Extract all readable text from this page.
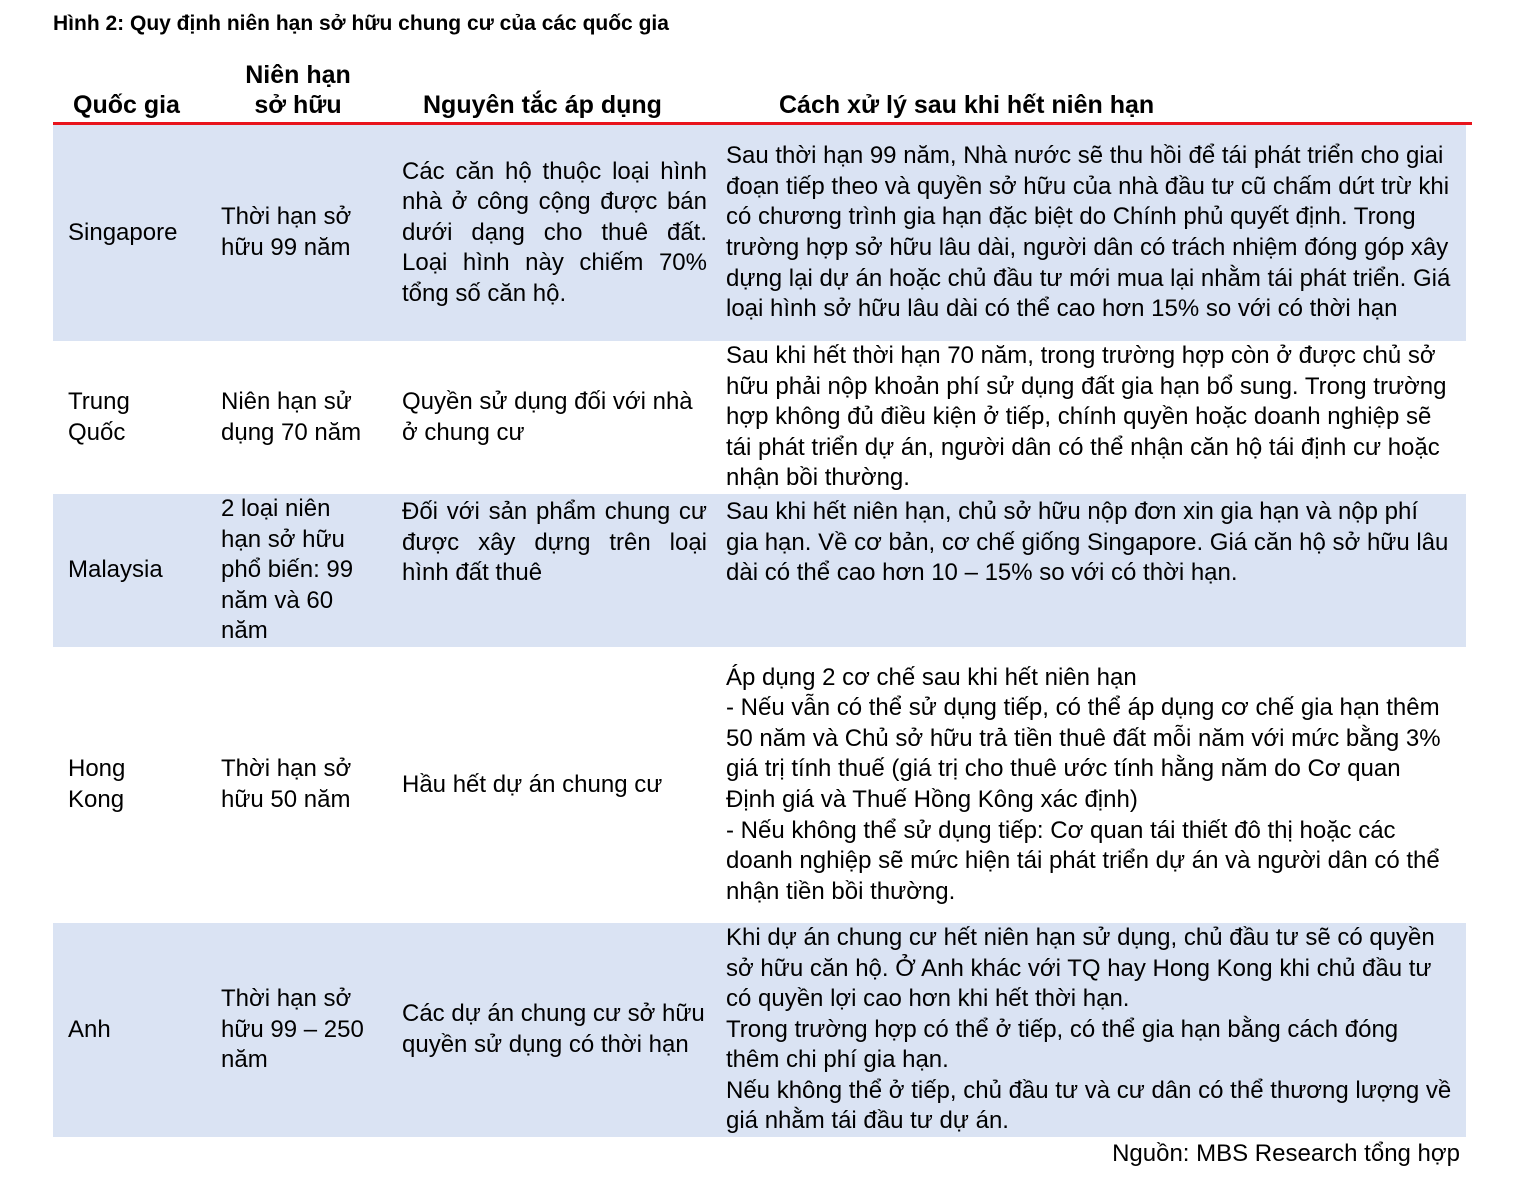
Hình 2: Quy định niên hạn sở hữu chung cư của các quốc gia
Quốc gia
Niên hạn
sở hữu	Nguyên tắc áp dụng	Cách xử lý sau khi hết niên hạn
Singapore
Thời hạn sở hữu 99 năm
Các căn hộ thuộc loại hình nhà ở công cộng được bán dưới dạng cho thuê đất. Loại hình này chiếm 70% tổng số căn hộ.
Sau thời hạn 99 năm, Nhà nước sẽ thu hồi để tái phát triển cho giai đoạn tiếp theo và quyền sở hữu của nhà đầu tư cũ chấm dứt trừ khi có chương trình gia hạn đặc biệt do Chính phủ quyết định. Trong trường hợp sở hữu lâu dài, người dân có trách nhiệm đóng góp xây dựng lại dự án hoặc chủ đầu tư mới mua lại nhằm tái phát triển. Giá loại hình sở hữu lâu dài có thể cao hơn 15% so với có thời hạn
Trung Quốc
Niên hạn sử dụng 70 năm
Quyền sử dụng đối với nhà ở chung cư
Sau khi hết thời hạn 70 năm, trong trường hợp còn ở được chủ sở hữu phải nộp khoản phí sử dụng đất gia hạn bổ sung. Trong trường hợp không đủ điều kiện ở tiếp, chính quyền hoặc doanh nghiệp sẽ tái phát triển dự án, người dân có thể nhận căn hộ tái định cư hoặc nhận bồi thường.
Malaysia
2 loại niên hạn sở hữu phổ biến: 99 năm và 60 năm
Đối với sản phẩm chung cư được xây dựng trên loại hình đất thuê
Sau khi hết niên hạn, chủ sở hữu nộp đơn xin gia hạn và nộp phí gia hạn. Về cơ bản, cơ chế giống Singapore. Giá căn hộ sở hữu lâu dài có thể cao hơn 10 – 15% so với có thời hạn.
Hong Kong
Thời hạn sở hữu 50 năm
Hầu hết dự án chung cư
Áp dụng 2 cơ chế sau khi hết niên hạn
- Nếu vẫn có thể sử dụng tiếp, có thể áp dụng cơ chế gia hạn thêm 50 năm và Chủ sở hữu trả tiền thuê đất mỗi năm với mức bằng 3% giá trị tính thuế (giá trị cho thuê ước tính hằng năm do Cơ quan Định giá và Thuế Hồng Kông xác định)
- Nếu không thể sử dụng tiếp: Cơ quan tái thiết đô thị hoặc các doanh nghiệp sẽ mức hiện tái phát triển dự án và người dân có thể nhận tiền bồi thường.
Anh
Thời hạn sở hữu 99 – 250 năm
Các dự án chung cư sở hữu quyền sử dụng có thời hạn
Khi dự án chung cư hết niên hạn sử dụng, chủ đầu tư sẽ có quyền sở hữu căn hộ. Ở Anh khác với TQ hay Hong Kong khi chủ đầu tư có quyền lợi cao hơn khi hết thời hạn.
Trong trường hợp có thể ở tiếp, có thể gia hạn bằng cách đóng thêm chi phí gia hạn.
Nếu không thể ở tiếp, chủ đầu tư và cư dân có thể thương lượng về giá nhằm tái đầu tư dự án.
Nguồn: MBS Research tổng hợp
